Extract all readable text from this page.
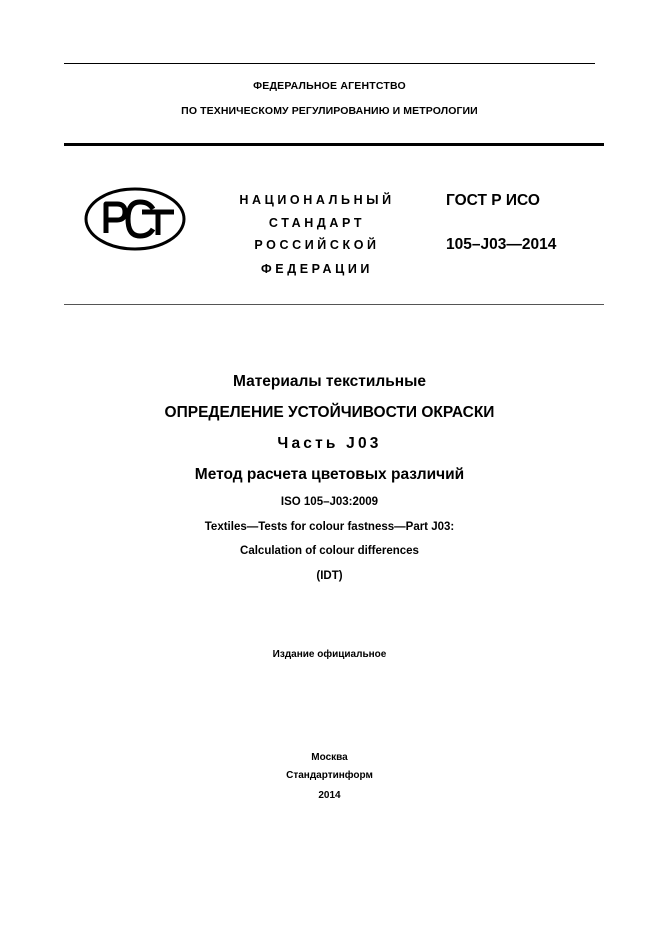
ФЕДЕРАЛЬНОЕ АГЕНТСТВО
ПО ТЕХНИЧЕСКОМУ РЕГУЛИРОВАНИЮ И МЕТРОЛОГИИ
НАЦИОНАЛЬНЫЙ
СТАНДАРТ
РОССИЙСКОЙ
ФЕДЕРАЦИИ
ГОСТ Р ИСО
105–J03—2014
Материалы текстильные
ОПРЕДЕЛЕНИЕ УСТОЙЧИВОСТИ ОКРАСКИ
Часть J03
Метод расчета цветовых различий
ISO 105–J03:2009
Textiles—Tests for colour fastness—Part J03:
Calculation of colour differences
(IDT)
Издание официальное
Москва
Стандартинформ
2014
